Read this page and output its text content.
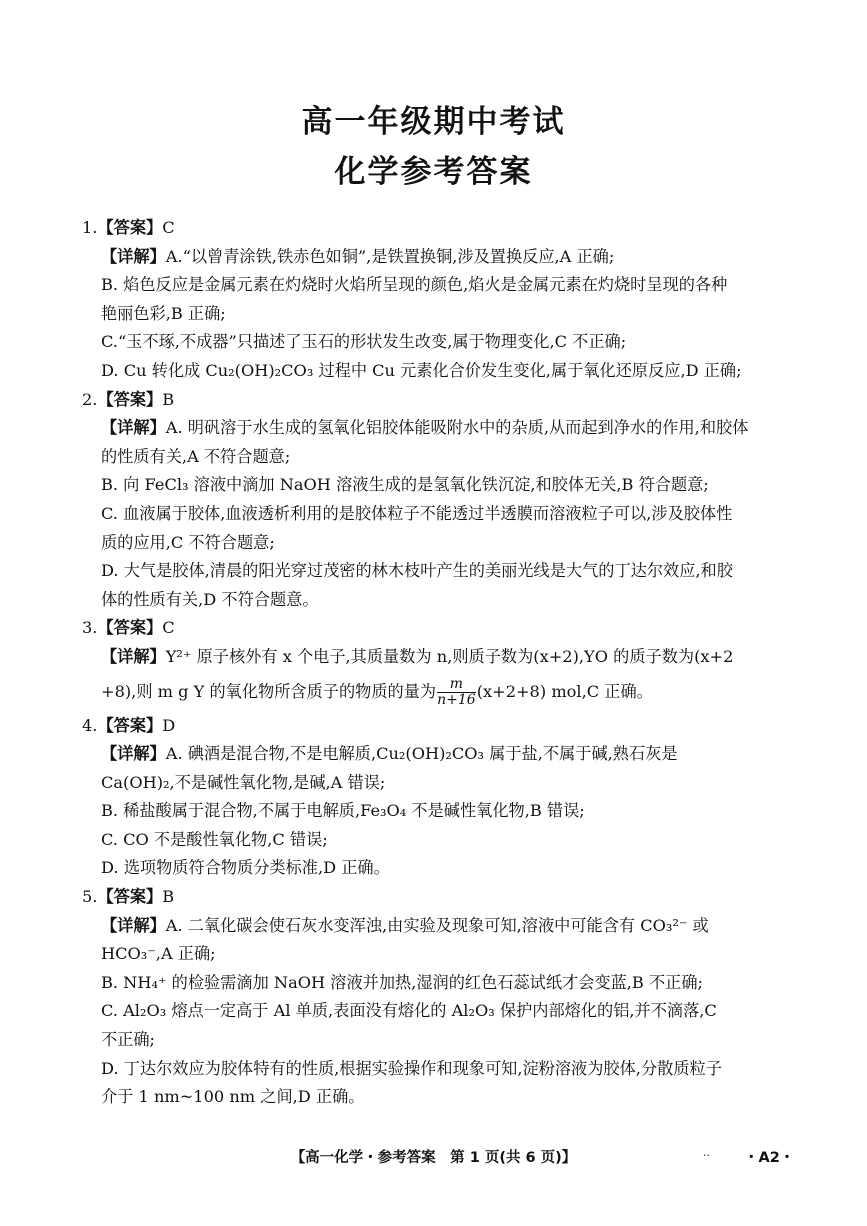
高一年级期中考试
化学参考答案
1.【答案】C
【详解】A.“以曾青涂铁,铁赤色如铜”,是铁置换铜,涉及置换反应,A 正确;
B. 焰色反应是金属元素在灼烧时火焰所呈现的颜色,焰火是金属元素在灼烧时呈现的各种
艳丽色彩,B 正确;
C.“玉不琢,不成器”只描述了玉石的形状发生改变,属于物理变化,C 不正确;
D. Cu 转化成 Cu₂(OH)₂CO₃ 过程中 Cu 元素化合价发生变化,属于氧化还原反应,D 正确;
2.【答案】B
【详解】A. 明矾溶于水生成的氢氧化铝胶体能吸附水中的杂质,从而起到净水的作用,和胶体
的性质有关,A 不符合题意;
B. 向 FeCl₃ 溶液中滴加 NaOH 溶液生成的是氢氧化铁沉淀,和胶体无关,B 符合题意;
C. 血液属于胶体,血液透析利用的是胶体粒子不能透过半透膜而溶液粒子可以,涉及胶体性
质的应用,C 不符合题意;
D. 大气是胶体,清晨的阳光穿过茂密的林木枝叶产生的美丽光线是大气的丁达尔效应,和胶
体的性质有关,D 不符合题意。
3.【答案】C
【详解】Y²⁺ 原子核外有 x 个电子,其质量数为 n,则质子数为(x+2),YO 的质子数为(x+2
+8),则 m g Y 的氧化物所含质子的物质的量为 $\frac{m}{n+16} (x+2+8)$ mol,C 正确。
4.【答案】D
【详解】A. 碘酒是混合物,不是电解质,Cu₂(OH)₂CO₃ 属于盐,不属于碱,熟石灰是
Ca(OH)₂,不是碱性氧化物,是碱,A 错误;
B. 稀盐酸属于混合物,不属于电解质,Fe₃O₄ 不是碱性氧化物,B 错误;
C. CO 不是酸性氧化物,C 错误;
D. 选项物质符合物质分类标准,D 正确。
5.【答案】B
【详解】A. 二氧化碳会使石灰水变浑浊,由实验及现象可知,溶液中可能含有 CO₃²⁻ 或
HCO₃⁻,A 正确;
B. NH₄⁺ 的检验需滴加 NaOH 溶液并加热,湿润的红色石蕊试纸才会变蓝,B 不正确;
C. Al₂O₃ 熔点一定高于 Al 单质,表面没有熔化的 Al₂O₃ 保护内部熔化的铝,并不滴落,C
不正确;
D. 丁达尔效应为胶体特有的性质,根据实验操作和现象可知,淀粉溶液为胶体,分散质粒子
介于 1 nm~100 nm 之间,D 正确。
【高一化学・参考答案　第 1 页(共 6 页)】	.. ・A2・
